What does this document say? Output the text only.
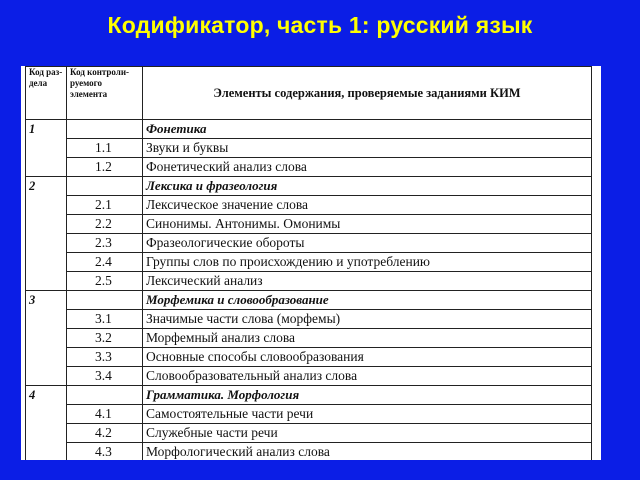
Кодификатор, часть 1: русский язык
Код раз- дела	Код контроли- руемого элемента	Элементы содержания, проверяемые заданиями КИМ
1		Фонетика
	1.1	Звуки и буквы
	1.2	Фонетический анализ слова
2		Лексика и фразеология
	2.1	Лексическое значение слова
	2.2	Синонимы. Антонимы. Омонимы
	2.3	Фразеологические обороты
	2.4	Группы слов по происхождению и употреблению
	2.5	Лексический анализ
3		Морфемика и словообразование
	3.1	Значимые части слова (морфемы)
	3.2	Морфемный анализ слова
	3.3	Основные способы словообразования
	3.4	Словообразовательный анализ слова
4		Грамматика. Морфология
	4.1	Самостоятельные части речи
	4.2	Служебные части речи
	4.3	Морфологический анализ слова
